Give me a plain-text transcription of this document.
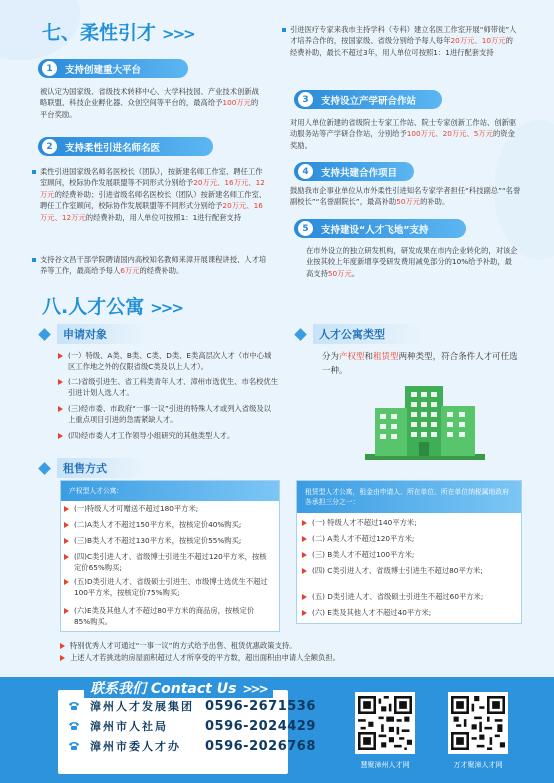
七、柔性引才 >>>
1	支持创建重大平台
被认定为国家级、省级技术转移中心、大学科技园、产业技术创新战略联盟、科技企业孵化器、众创空间等平台的，最高给予100万元的平台奖励。
2	支持柔性引进名师名医
柔性引进国家级名师名医校长（团队），按新建名师工作室、聘任工作室顾问，校际协作发展联盟等不同形式分别给予20万元、16万元、12万元的经费补助；引进省级名师名医校长（团队）按新建名师工作室、聘任工作室顾问，校际协作发展联盟等不同形式分别给予20万元、16万元、12万元的经费补助，用人单位可按照1：1进行配套支持
支持谷文昌干部学院聘请国内高校知名教师来漳开展课程讲授、人才培养等工作，最高给予每人6万元的经费补助。
引进医疗专家来我市主持学科（专科）建立名医工作室开展“师带徒”人才培养合作的，按国家级、省级分别给予每人每年20万元、10万元的经费补助，最长不超过3年，用人单位可按照1：1进行配套支持
3	支持设立产学研合作站
对用人单位新建的省级院士专家工作站、院士专家创新工作站、创新驱动服务站等产学研合作站，分别给予100万元、20万元、5万元的资金奖励。
4	支持共建合作项目
鼓励我市企事业单位从市外柔性引进知名专家学者担任“科技副总”“名誉副校长”“名誉副院长”，最高补助50万元的补助。
5	支持建设“人才飞地”支持
在市外设立的独立研发机构，研发成果在市内企业转化的，对该企业按其较上年度新增享受研发费用减免部分的10%给予补助，最高支持50万元。
八.人才公寓 >>>
申请对象
(一）特级、A类、B类、C类、D类、E类高层次人才（市中心城区工作地之外的仅限省级C类及以上人才）。
(二)省级引进生、省工科类青年人才、漳州市选优生、市名校优生引进计划人选人才。
(三)经市委、市政府“一事一议”引进的特殊人才或列入省级及以上重点项目引进的急需紧缺人才。
(四)经市委人才工作领导小组研究的其他类型人才。
人才公寓类型
分为产权型和租赁型两种类型，符合条件人才可任选一种。
租售方式
产权型人才公寓:
(一)特级人才可赠送不超过180平方米;
(二)A类人才不超过150平方米，按核定价40%购买;
(三)B类人才不超过130平方米，按核定价55%购买;
(四)C类引进人才、省级博士引进生不超过120平方米，按核定价65%购买;
(五)D类引进人才、省级硕士引进生、市级博士选优生不超过100平方米，按核定价75%购买;
(六)E类及其他人才不超过80平方米的商品房，按核定价85%购买。
租赁型人才公寓，租金由申请人、所在单位、所在单位纳税属地政府各承担三分之一：
(一) 特级人才不超过140平方米;
(二) A类人才不超过120平方米;
(三) B类人才不超过100平方米;
(四) C类引进人才、省级博士引进生不超过80平方米;
(五) D类引进人才、省级硕士引进生不超过60平方米;
(六) E类及其他人才不超过40平方米;
特别优秀人才可通过“一事一议”的方式给予出售、租赁优惠政策支持。
上述人才若挑选的房屋面积超过人才所享受的平方数，超出面积由申请人全额负担。
联系我们 Contact Us >>>
漳州人才发展集团 0596-2671536
漳州市人社局	0596-2024429
漳州市委人才办	0596-2026768
慧聚漳州人才网	万才聚漳人才网
